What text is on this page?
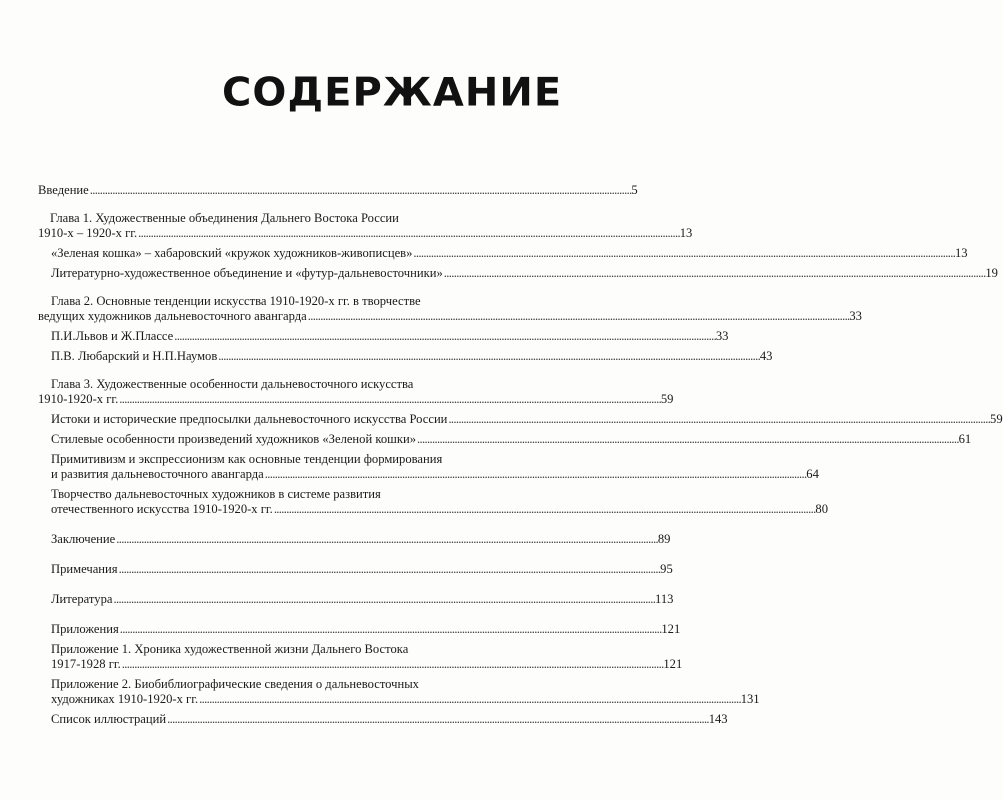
СОДЕРЖАНИЕ
Введение . . .	5
Глава 1. Художественные объединения Дальнего Востока России
1910-х – 1920-х гг. . . .	13
«Зеленая кошка» – хабаровский «кружок художников-живописцев» . . .	13
Литературно-художественное объединение и «футур-дальневосточники» . . .	19
Глава 2. Основные тенденции искусства 1910-1920-х гг. в творчестве
ведущих художников дальневосточного авангарда . . .	33
П.И.Львов и Ж.Плассе . . .	33
П.В. Любарский и Н.П.Наумов . . .	43
Глава 3. Художественные особенности дальневосточного искусства
1910-1920-х гг. . . .	59
Истоки и исторические предпосылки дальневосточного искусства России . . .	59
Стилевые особенности произведений художников «Зеленой кошки» . . .	61
Примитивизм и экспрессионизм как основные тенденции формирования
и развития дальневосточного авангарда . . .	64
Творчество дальневосточных художников в системе развития
отечественного искусства 1910-1920-х гг. . . .	80
Заключение . . .	89
Примечания . . .	95
Литература . . .	113
Приложения . . .	121
Приложение 1. Хроника художественной жизни Дальнего Востока
1917-1928 гг. . . .	121
Приложение 2. Биобиблиографические сведения о дальневосточных
художниках 1910-1920-х гг. . . .	131
Список иллюстраций . . .	143
